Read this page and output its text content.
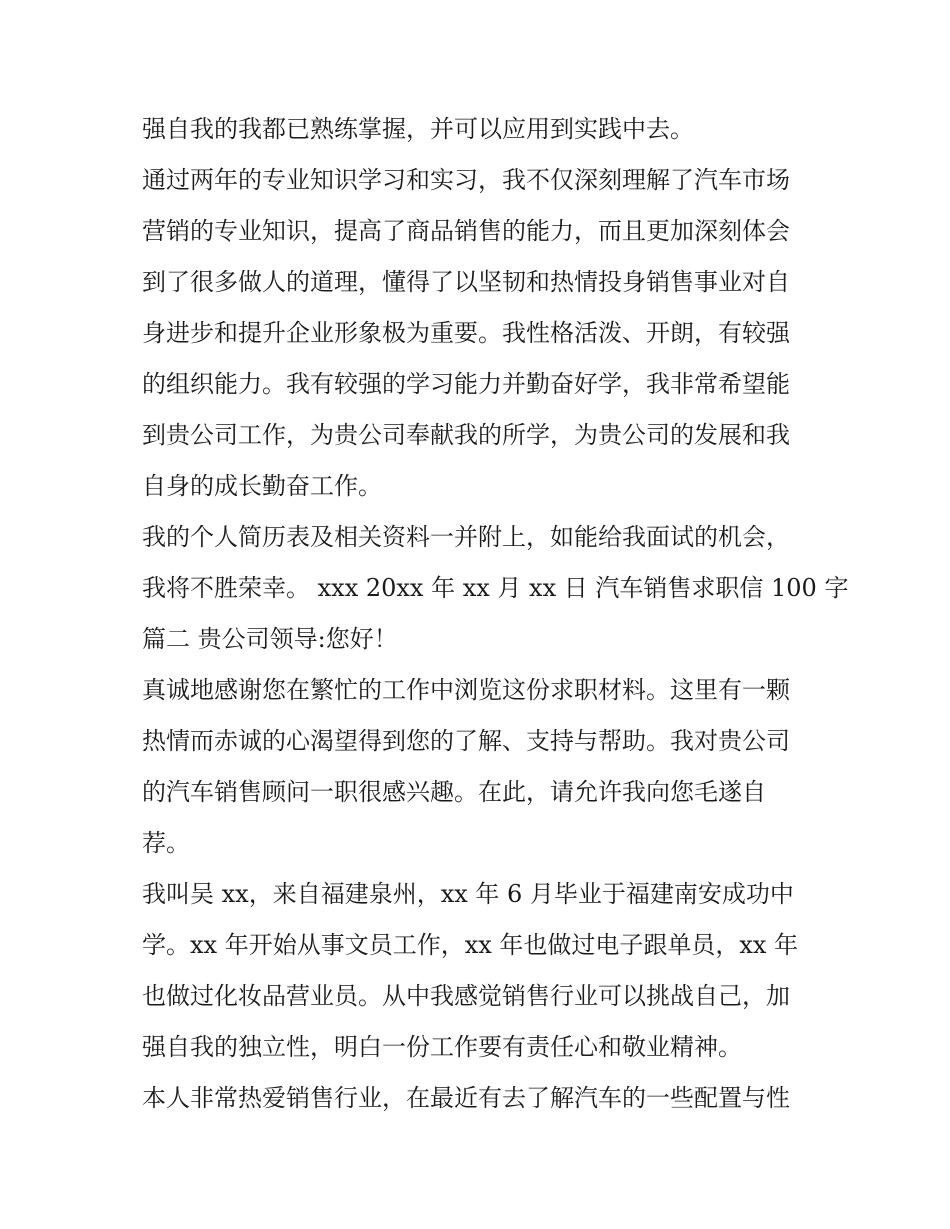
强自我的我都已熟练掌握，并可以应用到实践中去。
通过两年的专业知识学习和实习，我不仅深刻理解了汽车市场
营销的专业知识，提高了商品销售的能力，而且更加深刻体会
到了很多做人的道理，懂得了以坚韧和热情投身销售事业对自
身进步和提升企业形象极为重要。我性格活泼、开朗，有较强
的组织能力。我有较强的学习能力并勤奋好学，我非常希望能
到贵公司工作，为贵公司奉献我的所学，为贵公司的发展和我
自身的成长勤奋工作。
我的个人简历表及相关资料一并附上，如能给我面试的机会，
我将不胜荣幸。 xxx 20xx 年 xx 月 xx 日 汽车销售求职信 100 字
篇二 贵公司领导:您好！
真诚地感谢您在繁忙的工作中浏览这份求职材料。这里有一颗
热情而赤诚的心渴望得到您的了解、支持与帮助。我对贵公司
的汽车销售顾问一职很感兴趣。在此，请允许我向您毛遂自
荐。
我叫吴 xx，来自福建泉州，xx 年 6 月毕业于福建南安成功中
学。xx 年开始从事文员工作，xx 年也做过电子跟单员，xx 年
也做过化妆品营业员。从中我感觉销售行业可以挑战自己，加
强自我的独立性，明白一份工作要有责任心和敬业精神。
本人非常热爱销售行业，在最近有去了解汽车的一些配置与性
